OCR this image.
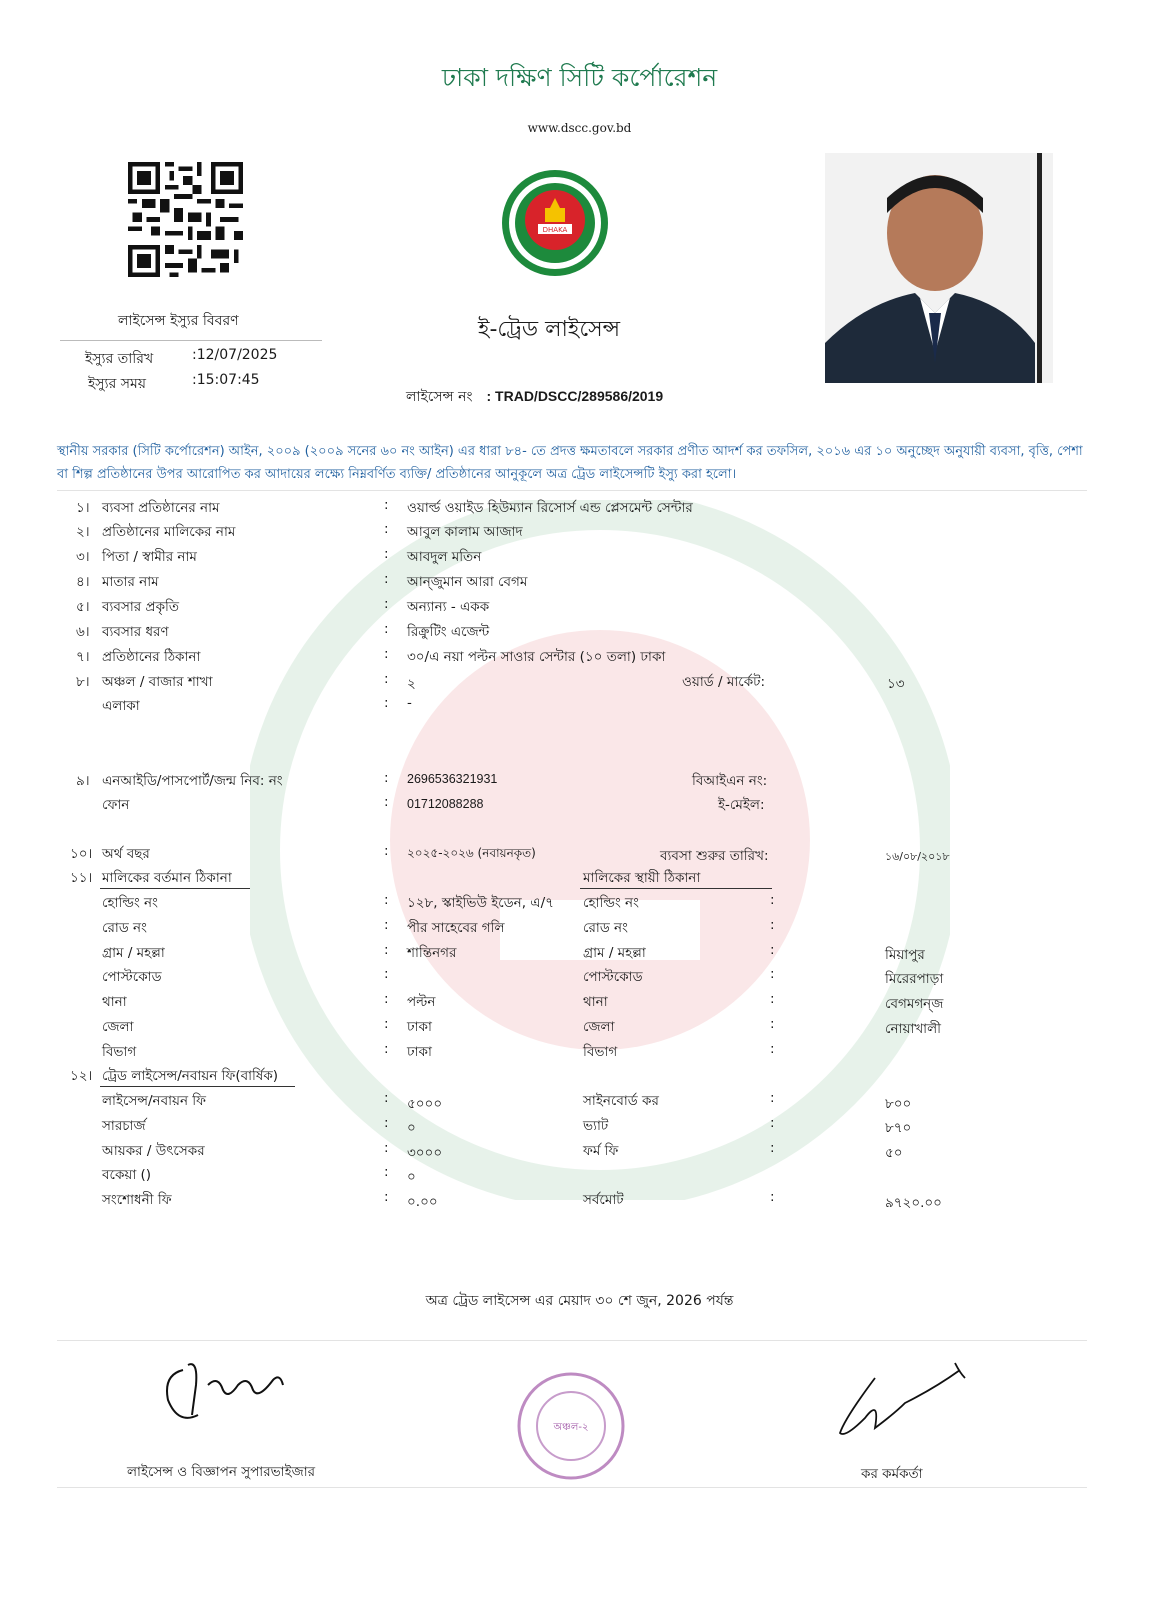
ঢাকা দক্ষিণ সিটি কর্পোরেশন
www.dscc.gov.bd
DHAKA
লাইসেন্স ইস্যুর বিবরণ
ইস্যুর তারিখ	:12/07/2025
ইস্যুর সময়	:15:07:45
ই-ট্রেড লাইসেন্স
লাইসেন্স নং : TRAD/DSCC/289586/2019
স্থানীয় সরকার (সিটি কর্পোরেশন) আইন, ২০০৯ (২০০৯ সনের ৬০ নং আইন) এর ধারা ৮৪- তে প্রদত্ত ক্ষমতাবলে সরকার প্রণীত আদর্শ কর তফসিল, ২০১৬ এর ১০ অনুচ্ছেদ অনুযায়ী ব্যবসা, বৃত্তি, পেশা বা শিল্প প্রতিষ্ঠানের উপর আরোপিত কর আদায়ের লক্ষ্যে নিম্নবর্ণিত ব্যক্তি/ প্রতিষ্ঠানের আনুকূলে অত্র ট্রেড লাইসেন্সটি ইস্যু করা হলো।
১। ব্যবসা প্রতিষ্ঠানের নাম	: ওয়ার্ল্ড ওয়াইড হিউম্যান রিসোর্স এন্ড প্লেসমেন্ট সেন্টার
২। প্রতিষ্ঠানের মালিকের নাম	: আবুল কালাম আজাদ
৩। পিতা / স্বামীর নাম	: আবদুল মতিন
৪। মাতার নাম	: আন্জুমান আরা বেগম
৫। ব্যবসার প্রকৃতি	: অন্যান্য - একক
৬। ব্যবসার ধরণ	: রিক্রুটিং এজেন্ট
৭। প্রতিষ্ঠানের ঠিকানা	: ৩০/এ নয়া পল্টন সাওার সেন্টার (১০ তলা) ঢাকা
৮। অঞ্চল / বাজার শাখা	: ২	ওয়ার্ড / মার্কেট:	১৩
এলাকা	: -
৯। এনআইডি/পাসপোর্ট/জন্ম নিব: নং	: 2696536321931	বিআইএন নং:
ফোন	: 01712088288	ই-মেইল:
১০। অর্থ বছর	: ২০২৫-২০২৬ (নবায়নকৃত)	ব্যবসা শুরুর তারিখ:	১৬/০৮/২০১৮
১১। মালিকের বর্তমান ঠিকানা	মালিকের স্থায়ী ঠিকানা
হোল্ডিং নং	: ১২৮, স্কাইভিউ ইডেন, এ/৭ হোল্ডিং নং	:
রোড নং	: পীর সাহেবের গলি	রোড নং	:
গ্রাম / মহল্লা	: শান্তিনগর	গ্রাম / মহল্লা	:	মিয়াপুর
পোস্টকোড	:	পোস্টকোড	:	মিরেরপাড়া
থানা	: পল্টন	থানা	:	বেগমগন্জ
জেলা	: ঢাকা	জেলা	:	নোয়াখালী
বিভাগ	: ঢাকা	বিভাগ	:
১২। ট্রেড লাইসেন্স/নবায়ন ফি(বার্ষিক)
লাইসেন্স/নবায়ন ফি	: ৫০০০	সাইনবোর্ড কর	:	৮০০
সারচার্জ	: ০	ভ্যাট	:	৮৭০
আয়কর / উৎসেকর	: ৩০০০	ফর্ম ফি	:	৫০
বকেয়া ()	: ০
সংশোধনী ফি	: ০.০০	সর্বমোট	:	৯৭২০.০০
অত্র ট্রেড লাইসেন্স এর মেয়াদ ৩০ শে জুন, 2026 পর্যন্ত
লাইসেন্স ও বিজ্ঞাপন সুপারভাইজার
অঞ্চল-২
কর কর্মকর্তা
